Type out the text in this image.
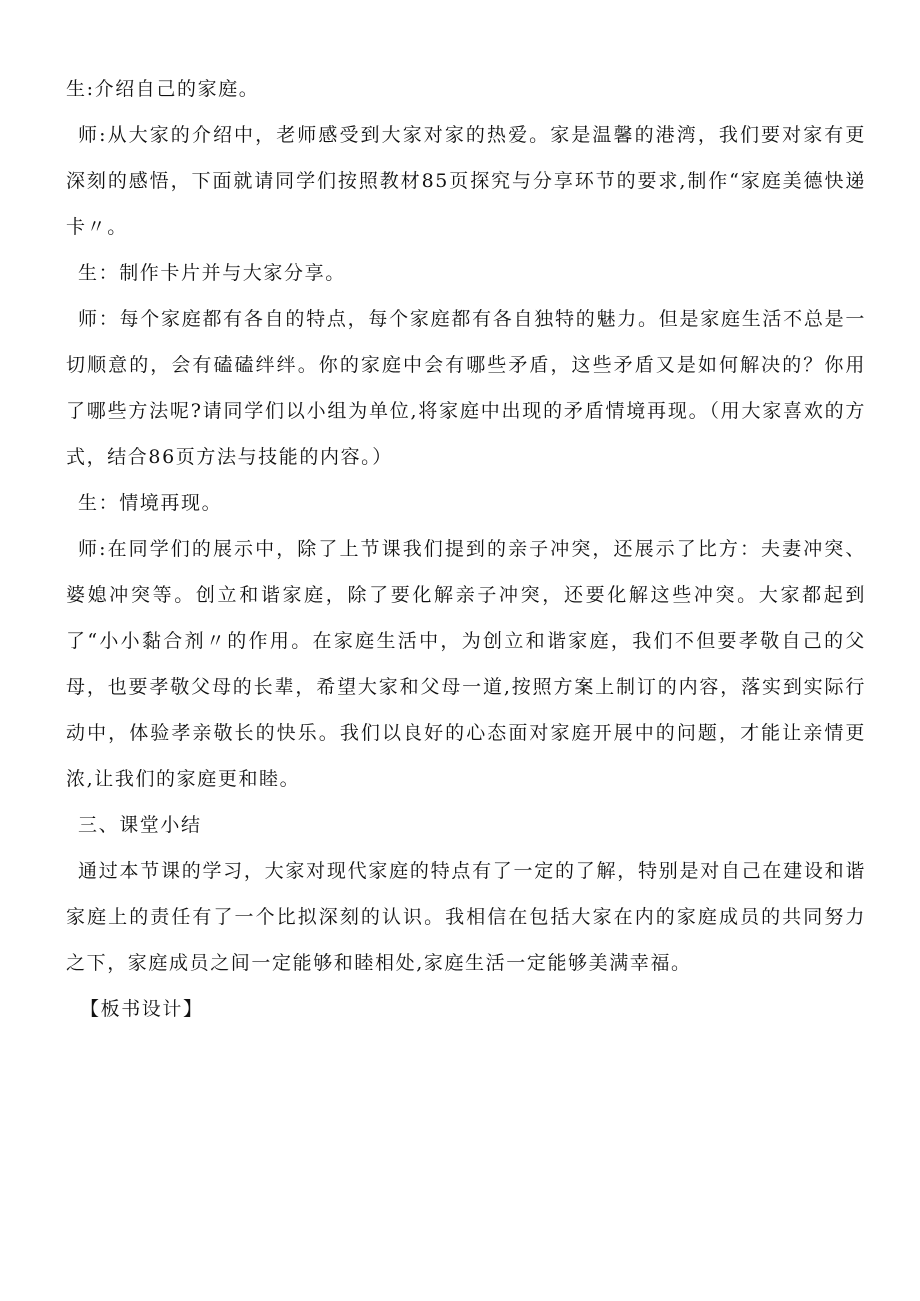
生:介绍自己的家庭。

师:从大家的介绍中，老师感受到大家对家的热爱。家是温馨的港湾，我们要对家有更深刻的感悟，下面就请同学们按照教材85页探究与分享环节的要求,制作“家庭美德快递卡〃。

生：制作卡片并与大家分享。

师：每个家庭都有各自的特点，每个家庭都有各自独特的魅力。但是家庭生活不总是一切顺意的，会有磕磕绊绊。你的家庭中会有哪些矛盾，这些矛盾又是如何解决的？你用了哪些方法呢?请同学们以小组为单位,将家庭中出现的矛盾情境再现。（用大家喜欢的方式，结合86页方法与技能的内容。）

生：情境再现。

师:在同学们的展示中，除了上节课我们提到的亲子冲突，还展示了比方：夫妻冲突、婆媳冲突等。创立和谐家庭，除了要化解亲子冲突，还要化解这些冲突。大家都起到了“小小黏合剂〃的作用。在家庭生活中，为创立和谐家庭，我们不但要孝敬自己的父母，也要孝敬父母的长辈，希望大家和父母一道,按照方案上制订的内容，落实到实际行动中，体验孝亲敬长的快乐。我们以良好的心态面对家庭开展中的问题，才能让亲情更浓,让我们的家庭更和睦。

三、课堂小结

通过本节课的学习，大家对现代家庭的特点有了一定的了解，特别是对自己在建设和谐家庭上的责任有了一个比拟深刻的认识。我相信在包括大家在内的家庭成员的共同努力之下，家庭成员之间一定能够和睦相处,家庭生活一定能够美满幸福。

【板书设计】
